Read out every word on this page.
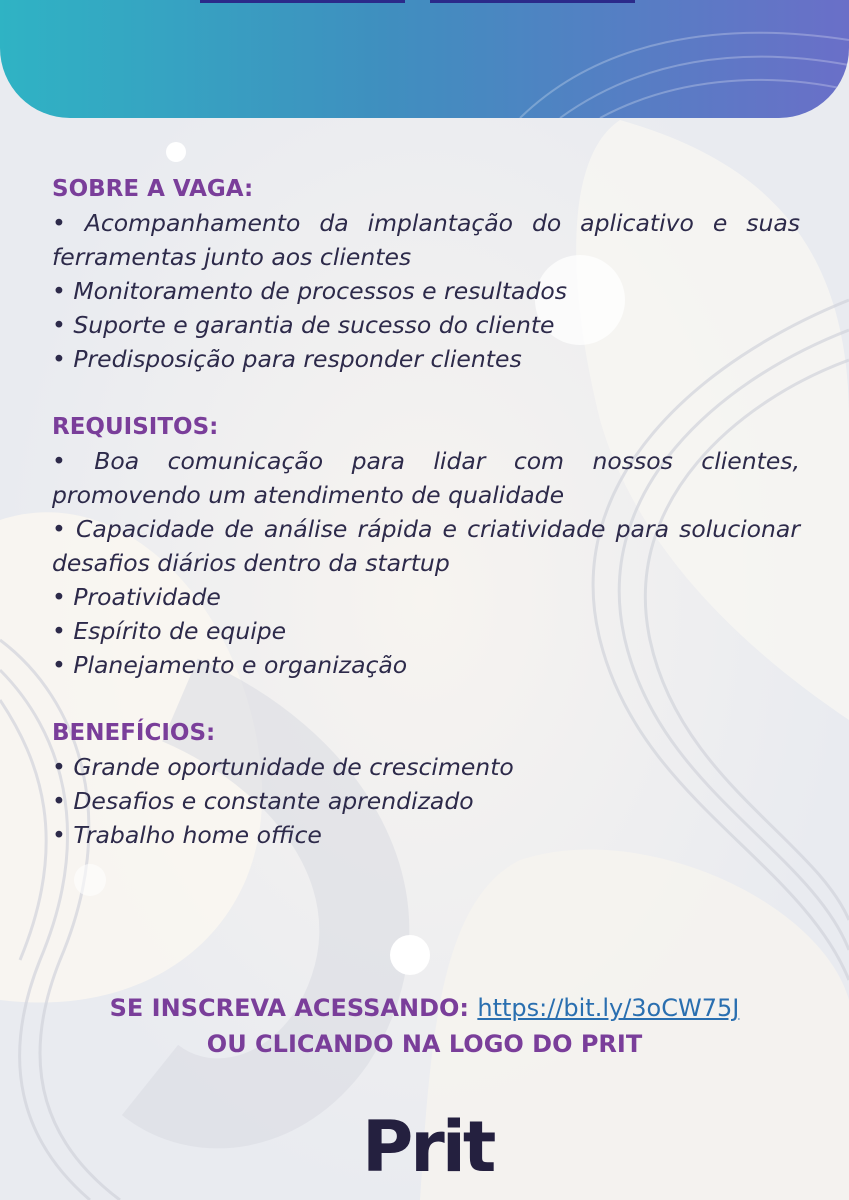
SOBRE A VAGA:

• Acompanhamento da implantação do aplicativo e suas ferramentas junto aos clientes

• Monitoramento de processos e resultados

• Suporte e garantia de sucesso do cliente

• Predisposição para responder clientes

REQUISITOS:

• Boa comunicação para lidar com nossos clientes, promovendo um atendimento de qualidade

• Capacidade de análise rápida e criatividade para solucionar desafios diários dentro da startup

• Proatividade

• Espírito de equipe

• Planejamento e organização

BENEFÍCIOS:

• Grande oportunidade de crescimento

• Desafios e constante aprendizado

• Trabalho home office

SE INSCREVA ACESSANDO: https://bit.ly/3oCW75J
OU CLICANDO NA LOGO DO PRIT
Prit
